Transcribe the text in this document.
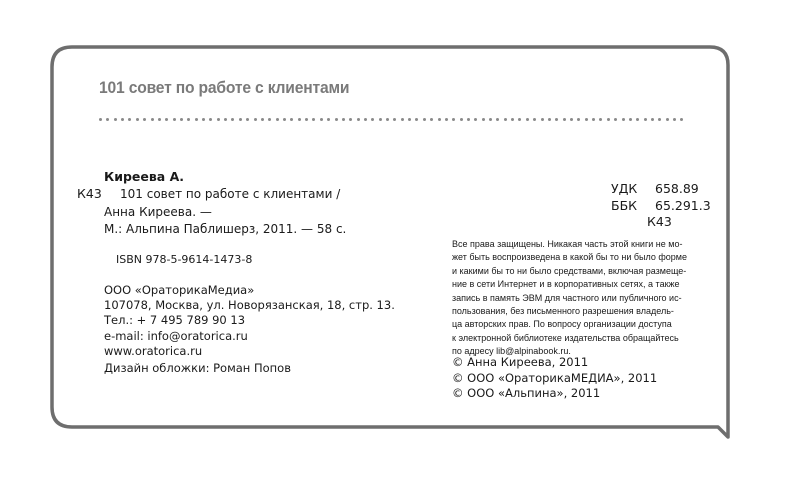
101 совет по работе с клиентами
Киреева А.
К43 101 совет по работе с клиентами /
Анна Киреева. —
М.: Альпина Паблишерз, 2011. — 58 с.
ISBN 978-5-9614-1473-8
ООО «ОраторикаМедиа»
107078, Москва, ул. Новорязанская, 18, стр. 13.
Тел.: + 7 495 789 90 13
e-mail: info@oratorica.ru
www.oratorica.ru
Дизайн обложки: Роман Попов
УДК	658.89
ББК	65.291.3
К43
Все права защищены. Никакая часть этой книги не мо-
жет быть воспроизведена в какой бы то ни было форме
и какими бы то ни было средствами, включая размеще-
ние в сети Интернет и в корпоративных сетях, а также
запись в память ЭВМ для частного или публичного ис-
пользования, без письменного разрешения владель-
ца авторских прав. По вопросу организации доступа
к электронной библиотеке издательства обращайтесь
по адресу lib@alpinabook.ru.
© Анна Киреева, 2011
© ООО «ОраторикаМЕДИА», 2011
© ООО «Альпина», 2011
